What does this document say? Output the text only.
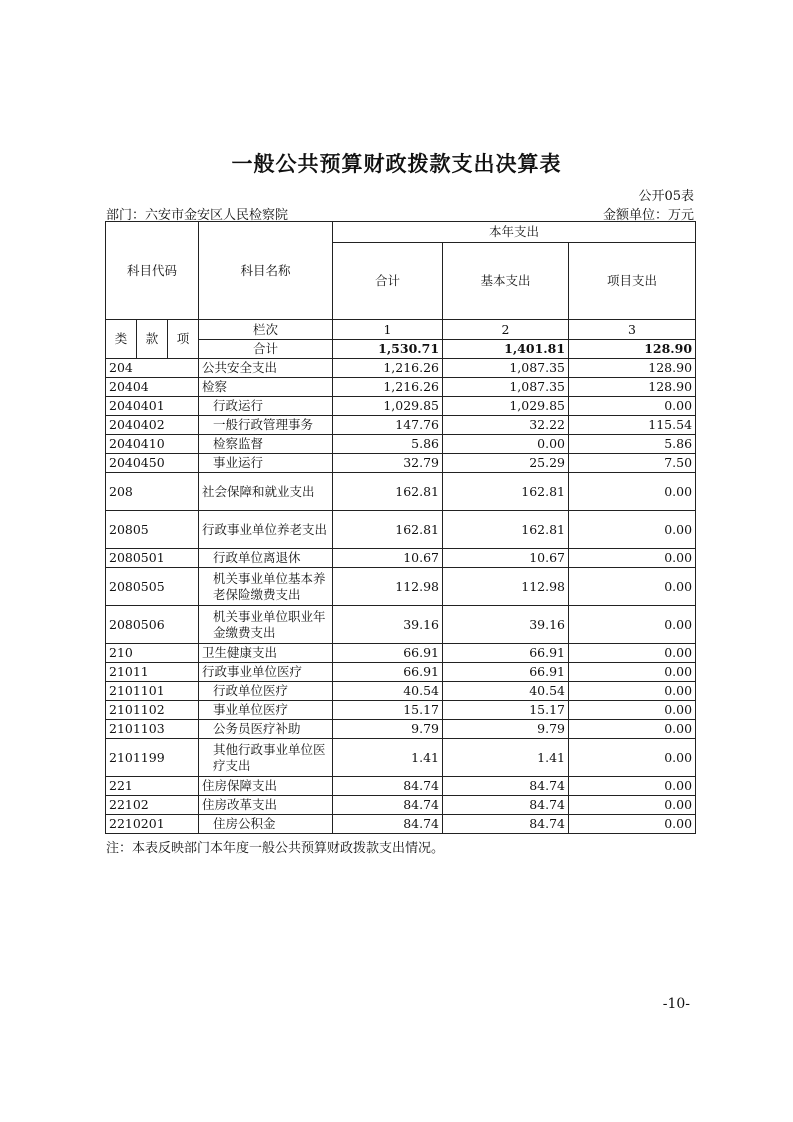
一般公共预算财政拨款支出决算表
公开05表
部门：六安市金安区人民检察院	金额单位：万元
科目代码			科目名称	本年支出		
				合计	基本支出	项目支出
类	款	项	栏次	1	2	3
			合计	1,530.71	1,401.81	128.90
204			公共安全支出	1,216.26	1,087.35	128.90
20404			检察	1,216.26	1,087.35	128.90
2040401			行政运行	1,029.85	1,029.85	0.00
2040402			一般行政管理事务	147.76	32.22	115.54
2040410			检察监督	5.86	0.00	5.86
2040450			事业运行	32.79	25.29	7.50
208			社会保障和就业支出	162.81	162.81	0.00
20805			行政事业单位养老支出	162.81	162.81	0.00
2080501			行政单位离退休	10.67	10.67	0.00
2080505			机关事业单位基本养老保险缴费支出	112.98	112.98	0.00
2080506			机关事业单位职业年金缴费支出	39.16	39.16	0.00
210			卫生健康支出	66.91	66.91	0.00
21011			行政事业单位医疗	66.91	66.91	0.00
2101101			行政单位医疗	40.54	40.54	0.00
2101102			事业单位医疗	15.17	15.17	0.00
2101103			公务员医疗补助	9.79	9.79	0.00
2101199			其他行政事业单位医疗支出	1.41	1.41	0.00
221			住房保障支出	84.74	84.74	0.00
22102			住房改革支出	84.74	84.74	0.00
2210201			住房公积金	84.74	84.74	0.00
注：本表反映部门本年度一般公共预算财政拨款支出情况。
-10-
